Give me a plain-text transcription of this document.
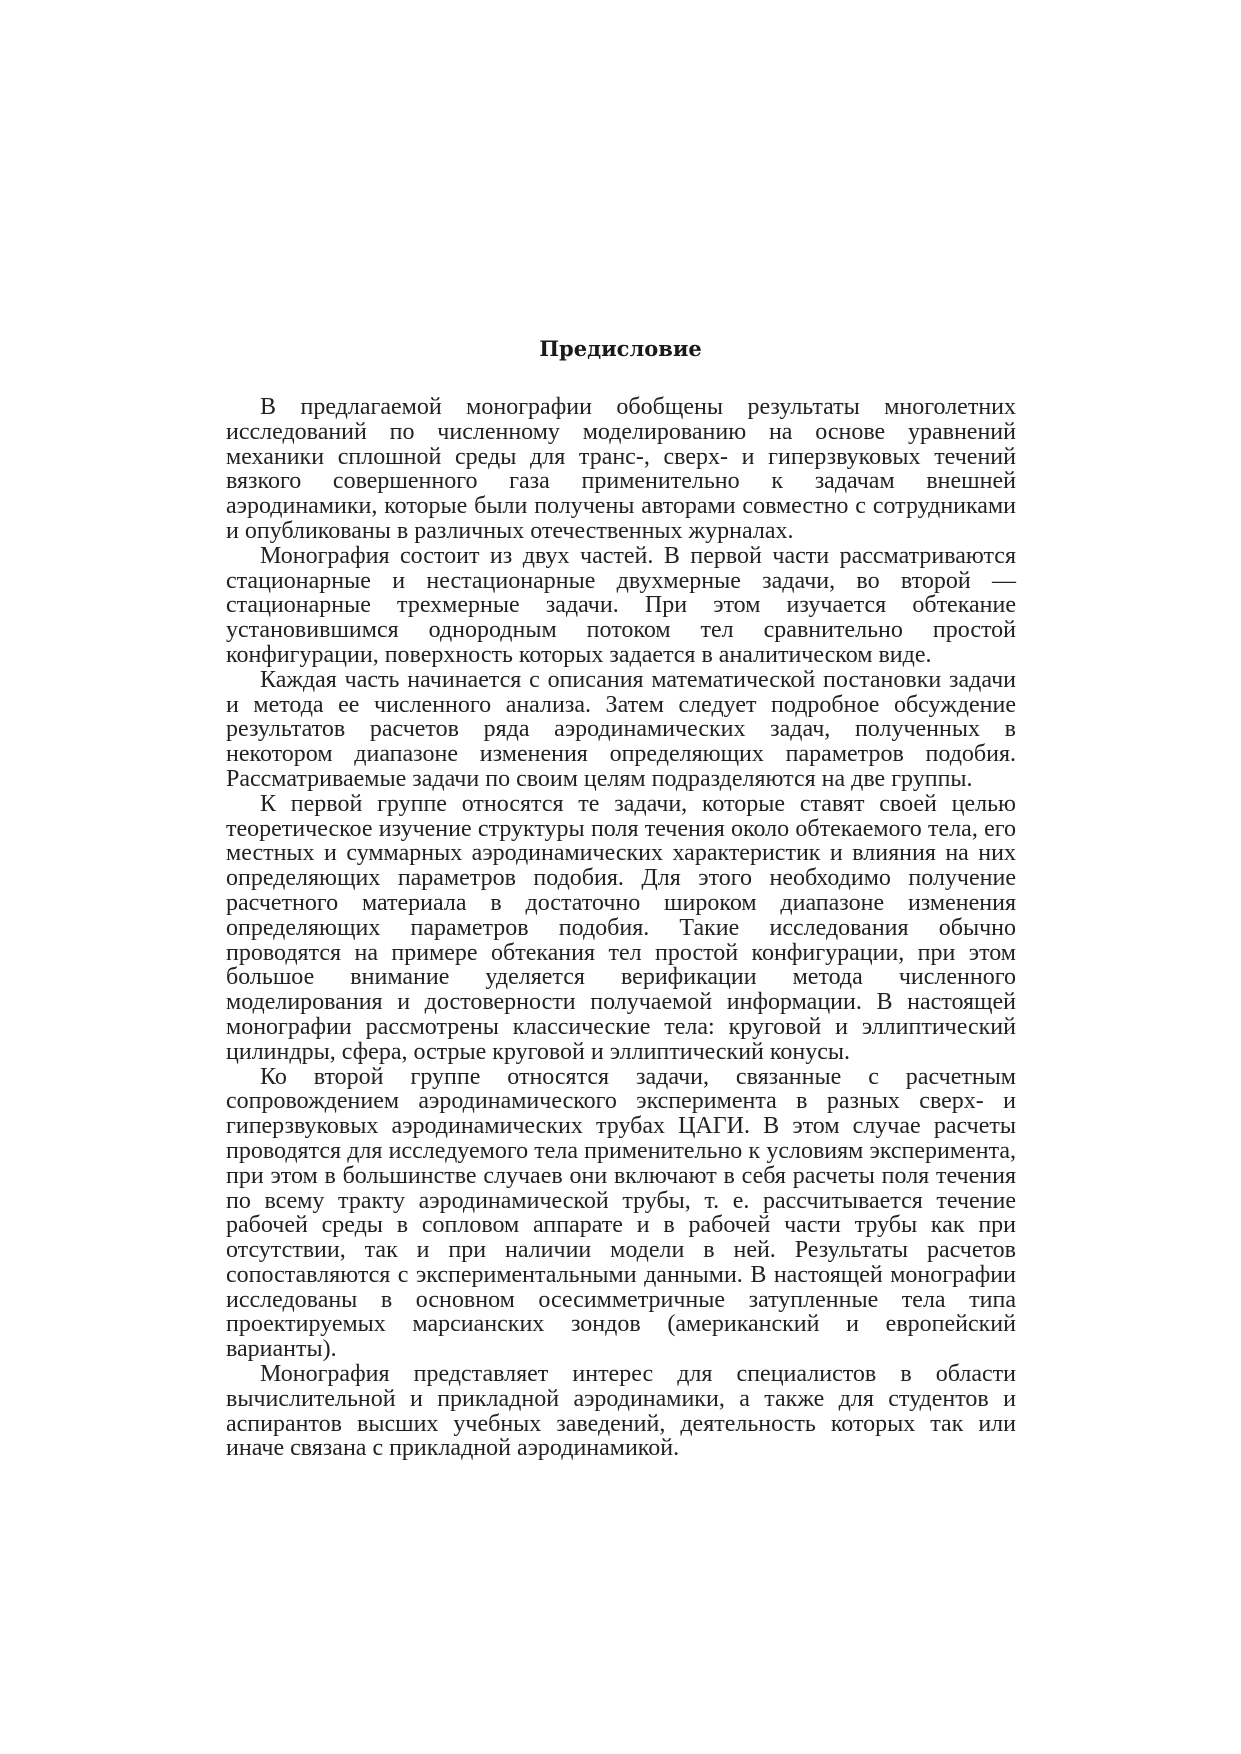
Предисловие

В предлагаемой монографии обобщены результаты многолетних исследований по численному моделированию на основе уравнений механики сплошной среды для транс-, сверх- и гиперзвуковых течений вязкого совершенного газа применительно к задачам внешней аэродинамики, которые были получены авторами совместно с сотрудниками и опубликованы в различных отечественных журналах.

Монография состоит из двух частей. В первой части рассматриваются стационарные и нестационарные двухмерные задачи, во второй — стационарные трехмерные задачи. При этом изучается обтекание установившимся однородным потоком тел сравнительно простой конфигурации, поверхность которых задается в аналитическом виде.

Каждая часть начинается с описания математической постановки задачи и метода ее численного анализа. Затем следует подробное обсуждение результатов расчетов ряда аэродинамических задач, полученных в некотором диапазоне изменения определяющих параметров подобия. Рассматриваемые задачи по своим целям подразделяются на две группы.

К первой группе относятся те задачи, которые ставят своей целью теоретическое изучение структуры поля течения около обтекаемого тела, его местных и суммарных аэродинамических характеристик и влияния на них определяющих параметров подобия. Для этого необходимо получение расчетного материала в достаточно широком диапазоне изменения определяющих параметров подобия. Такие исследования обычно проводятся на примере обтекания тел простой конфигурации, при этом большое внимание уделяется верификации метода численного моделирования и достоверности получаемой информации. В настоящей монографии рассмотрены классические тела: круговой и эллиптический цилиндры, сфера, острые круговой и эллиптический конусы.

Ко второй группе относятся задачи, связанные с расчетным сопровождением аэродинамического эксперимента в разных сверх- и гиперзвуковых аэродинамических трубах ЦАГИ. В этом случае расчеты проводятся для исследуемого тела применительно к условиям эксперимента, при этом в большинстве случаев они включают в себя расчеты поля течения по всему тракту аэродинамической трубы, т. е. рассчитывается течение рабочей среды в сопловом аппарате и в рабочей части трубы как при отсутствии, так и при наличии модели в ней. Результаты расчетов сопоставляются с экспериментальными данными. В настоящей монографии исследованы в основном осесимметричные затупленные тела типа проектируемых марсианских зондов (американский и европейский варианты).

Монография представляет интерес для специалистов в области вычислительной и прикладной аэродинамики, а также для студентов и аспирантов высших учебных заведений, деятельность которых так или иначе связана с прикладной аэродинамикой.
